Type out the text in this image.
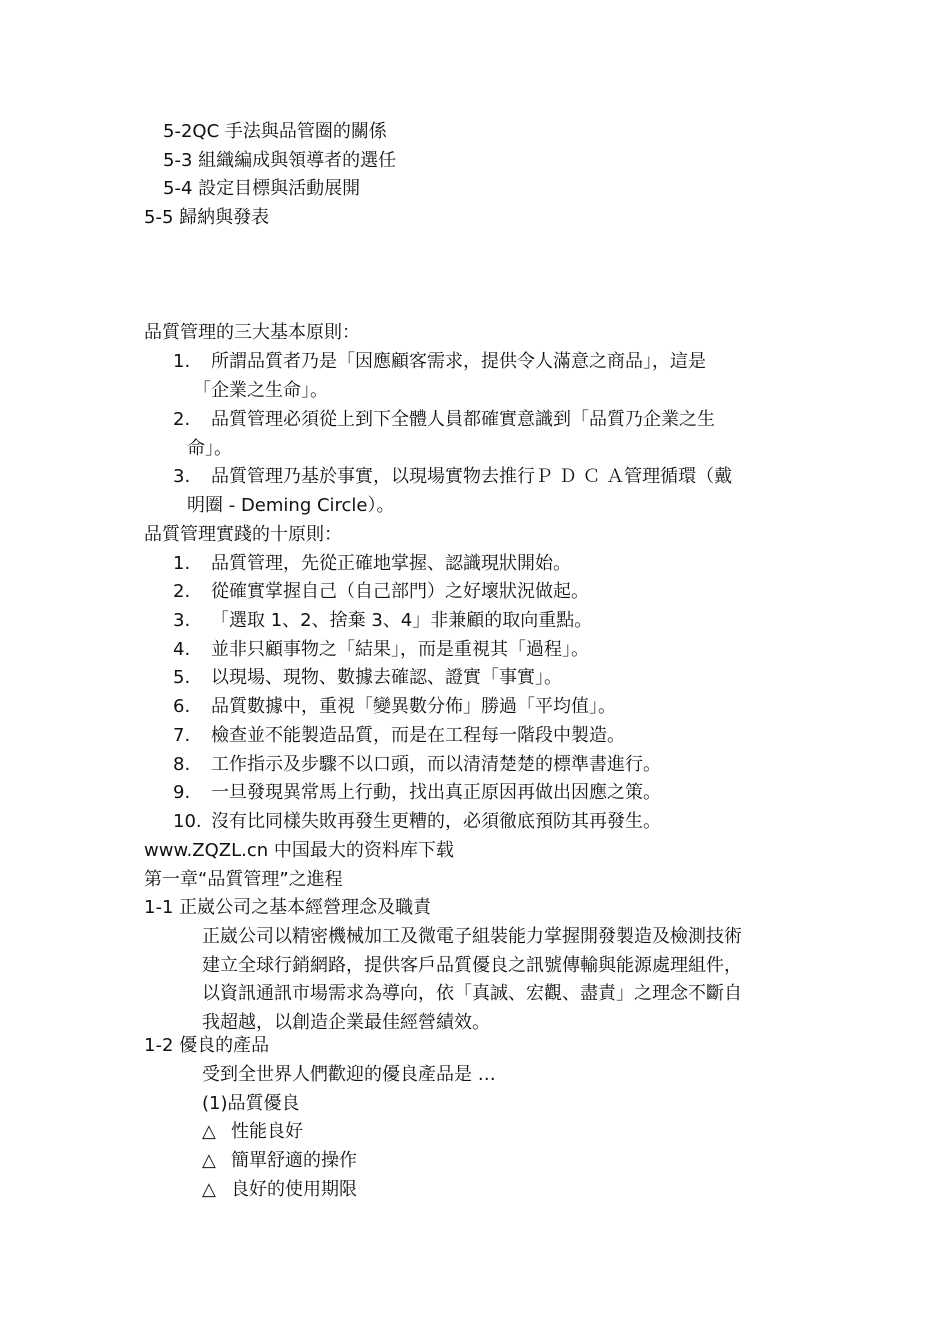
5-2QC 手法與品管圈的關係
5-3 組織編成與領導者的選任
5-4 設定目標與活動展開
5-5 歸納與發表
品質管理的三大基本原則：
1. 所謂品質者乃是「因應顧客需求，提供令人滿意之商品」，這是
「企業之生命」。
2. 品質管理必須從上到下全體人員都確實意識到「品質乃企業之生
命」。
3. 品質管理乃基於事實，以現場實物去推行Ｐ Ｄ Ｃ Ａ管理循環（戴
明圈 - Deming Circle）。
品質管理實踐的十原則：
1. 品質管理，先從正確地掌握、認識現狀開始。
2. 從確實掌握自己（自己部門）之好壞狀況做起。
3. 「選取 1、2、捨棄 3、4」非兼顧的取向重點。
4. 並非只顧事物之「結果」，而是重視其「過程」。
5. 以現場、現物、數據去確認、證實「事實」。
6. 品質數據中，重視「變異數分佈」勝過「平均值」。
7. 檢查並不能製造品質，而是在工程每一階段中製造。
8. 工作指示及步驟不以口頭，而以清清楚楚的標準書進行。
9. 一旦發現異常馬上行動，找出真正原因再做出因應之策。
10. 沒有比同樣失敗再發生更糟的，必須徹底預防其再發生。
www.ZQZL.cn 中国最大的资料库下载
第一章“品質管理”之進程
1-1 正崴公司之基本經營理念及職責
正崴公司以精密機械加工及微電子組裝能力掌握開發製造及檢測技術
建立全球行銷網路，提供客戶品質優良之訊號傳輸與能源處理組件，
以資訊通訊市場需求為導向，依「真誠、宏觀、盡責」之理念不斷自
我超越，以創造企業最佳經營績效。
1-2 優良的產品
受到全世界人們歡迎的優良產品是 …
(1)品質優良
△ 性能良好
△ 簡單舒適的操作
△ 良好的使用期限
